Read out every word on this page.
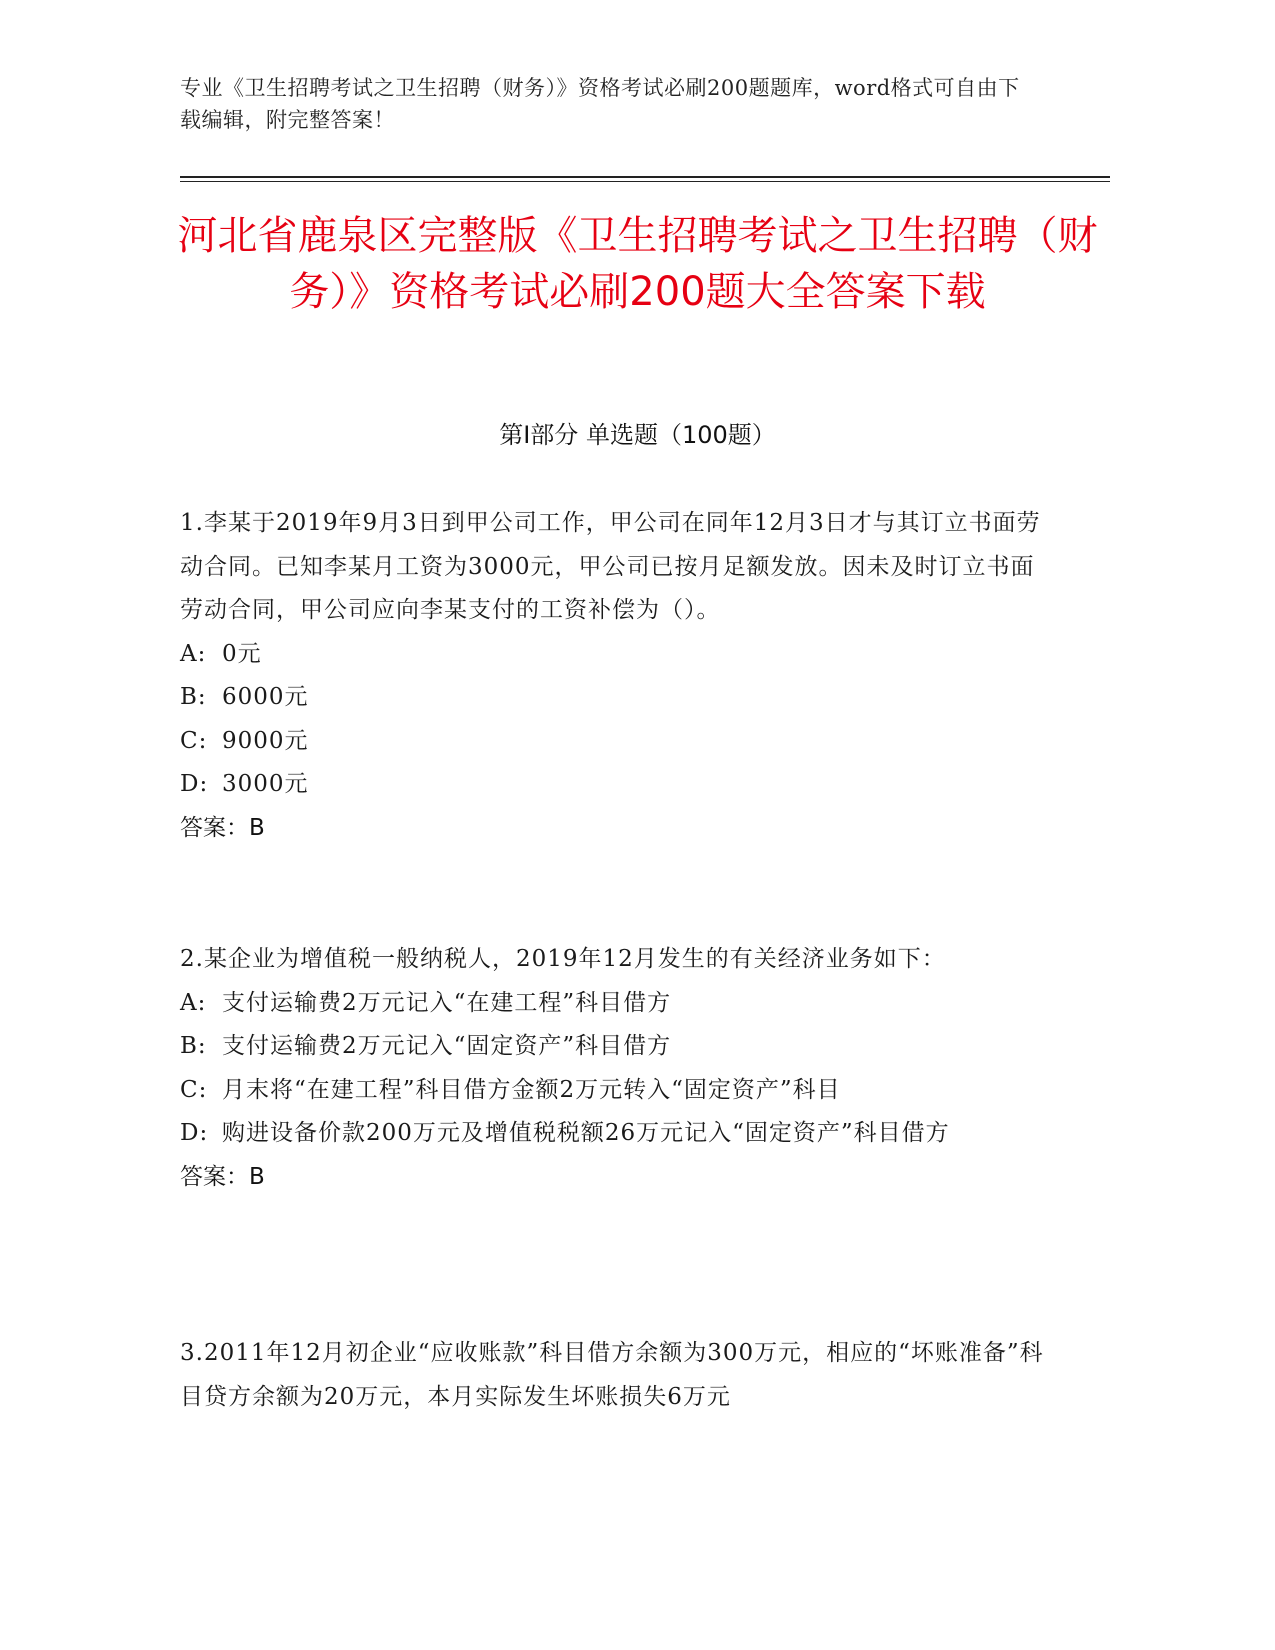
专业《卫生招聘考试之卫生招聘（财务）》资格考试必刷200题题库，word格式可自由下载编辑，附完整答案！
河北省鹿泉区完整版《卫生招聘考试之卫生招聘（财务）》资格考试必刷200题大全答案下载
第I部分 单选题（100题）
1.李某于2019年9月3日到甲公司工作，甲公司在同年12月3日才与其订立书面劳动合同。已知李某月工资为3000元，甲公司已按月足额发放。因未及时订立书面劳动合同，甲公司应向李某支付的工资补偿为（）。
A: 0元
B: 6000元
C: 9000元
D: 3000元
答案：B
2.某企业为增值税一般纳税人，2019年12月发生的有关经济业务如下：
A: 支付运输费2万元记入“在建工程”科目借方
B: 支付运输费2万元记入“固定资产”科目借方
C: 月末将“在建工程”科目借方金额2万元转入“固定资产”科目
D: 购进设备价款200万元及增值税税额26万元记入“固定资产”科目借方
答案：B
3.2011年12月初企业“应收账款”科目借方余额为300万元，相应的“坏账准备”科目贷方余额为20万元，本月实际发生坏账损失6万元
